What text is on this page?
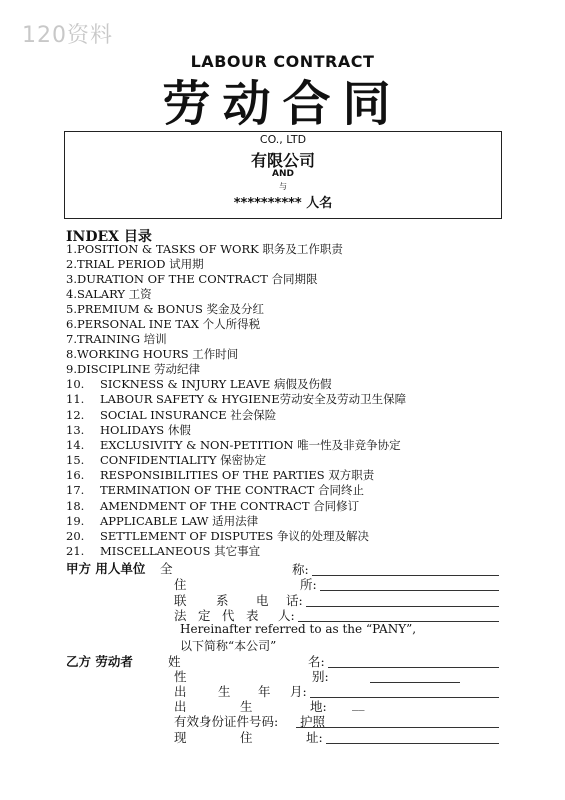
120资料
LABOUR CONTRACT
劳动合同
CO., LTD
有限公司
AND
与
********** 人名
INDEX 目录
1.POSITION & TASKS OF WORK 职务及工作职责
2.TRIAL PERIOD 试用期
3.DURATION OF THE CONTRACT 合同期限
4.SALARY 工资
5.PREMIUM & BONUS 奖金及分红
6.PERSONAL INE TAX 个人所得税
7.TRAINING 培训
8.WORKING HOURS 工作时间
9.DISCIPLINE 劳动纪律
10. SICKNESS & INJURY LEAVE 病假及伤假
11. LABOUR SAFETY & HYGIENE劳动安全及劳动卫生保障
12. SOCIAL INSURANCE 社会保险
13. HOLIDAYS 休假
14. EXCLUSIVITY & NON-PETITION 唯一性及非竞争协定
15. CONFIDENTIALITY 保密协定
16. RESPONSIBILITIES OF THE PARTIES 双方职责
17. TERMINATION OF THE CONTRACT 合同终止
18. AMENDMENT OF THE CONTRACT 合同修订
19. APPLICABLE LAW 适用法律
20. SETTLEMENT OF DISPUTES 争议的处理及解决
21. MISCELLANEOUS 其它事宜
甲方 用人单位 全	称:
住	所:
联 系 电 话:
法 定 代 表 人:
Hereinafter referred to as the “PANY”,
以下简称“本公司”
乙方 劳动者	姓	名:
性	别:
出	生 年 月:
出	生	地: __
有效身份证件号码: 护照
现	住	址:
